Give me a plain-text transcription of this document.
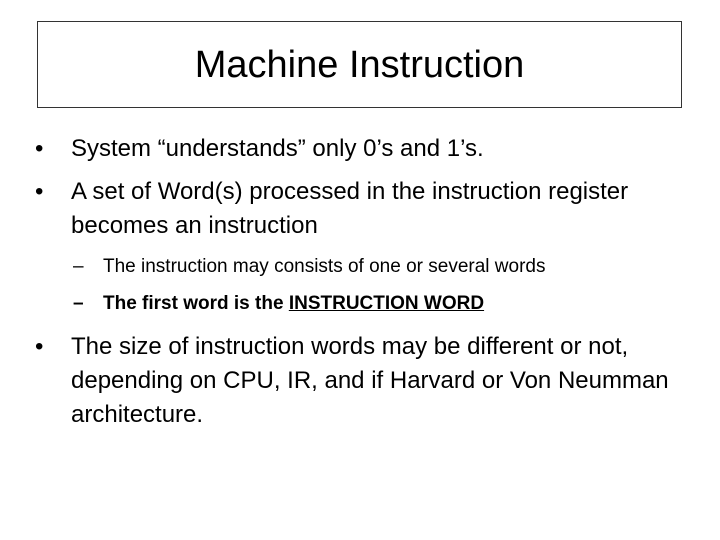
Machine Instruction
•	System “understands” only 0’s and 1’s.
•	A set of Word(s) processed in the instruction register becomes an instruction
– The instruction may consists of one or several words
– The first word is the INSTRUCTION WORD
•	The size of instruction words may be different or not, depending on CPU, IR, and if Harvard or Von Neumman architecture.
